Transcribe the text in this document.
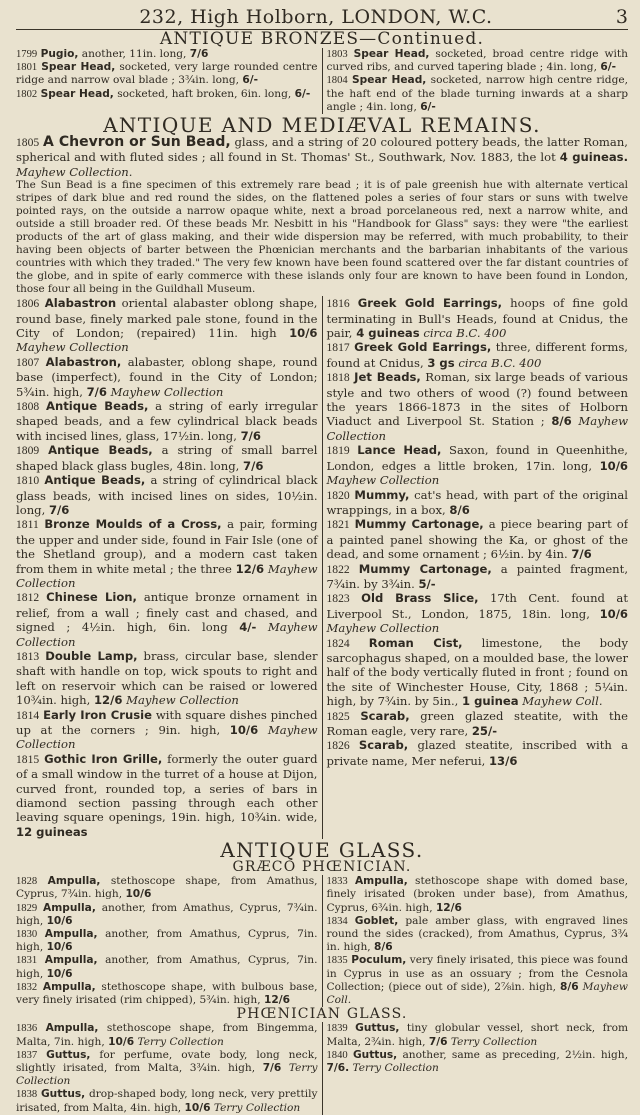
232, High Holborn, LONDON, W.C.	3
ANTIQUE BRONZES—Continued.

1799 Pugio, another, 11in. long, 7/6

1801 Spear Head, socketed, very large rounded centre ridge and narrow oval blade ; 3¾in. long, 6/-

1802 Spear Head, socketed, haft broken, 6in. long, 6/-

1803 Spear Head, socketed, broad centre ridge with curved ribs, and curved tapering blade ; 4in. long, 6/-

1804 Spear Head, socketed, narrow high centre ridge, the haft end of the blade turning inwards at a sharp angle ; 4in. long, 6/-

ANTIQUE AND MEDIÆVAL REMAINS.

1805 A Chevron or Sun Bead, glass, and a string of 20 coloured pottery beads, the latter Roman, spherical and with fluted sides ; all found in St. Thomas' St., Southwark, Nov. 1883, the lot 4 guineas. Mayhew Collection.

The Sun Bead is a fine specimen of this extremely rare bead ; it is of pale greenish hue with alternate vertical stripes of dark blue and red round the sides, on the flattened poles a series of four stars or suns with twelve pointed rays, on the outside a narrow opaque white, next a broad porcelaneous red, next a narrow white, and outside a still broader red. Of these beads Mr. Nesbitt in his "Handbook for Glass" says: they were "the earliest products of the art of glass making, and their wide dispersion may be referred, with much probability, to their having been objects of barter between the Phœnician merchants and the barbarian inhabitants of the various countries with which they traded." The very few known have been found scattered over the far distant countries of the globe, and in spite of early commerce with these islands only four are known to have been found in London, those four all being in the Guildhall Museum.

1806 Alabastron oriental alabaster oblong shape, round base, finely marked pale stone, found in the City of London; (repaired) 11in. high 10/6 Mayhew Collection

1807 Alabastron, alabaster, oblong shape, round base (imperfect), found in the City of London; 5¾in. high, 7/6 Mayhew Collection

1808 Antique Beads, a string of early irregular shaped beads, and a few cylindrical black beads with incised lines, glass, 17½in. long, 7/6

1809 Antique Beads, a string of small barrel shaped black glass bugles, 48in. long, 7/6

1810 Antique Beads, a string of cylindrical black glass beads, with incised lines on sides, 10½in. long, 7/6

1811 Bronze Moulds of a Cross, a pair, forming the upper and under side, found in Fair Isle (one of the Shetland group), and a modern cast taken from them in white metal ; the three 12/6 Mayhew Collection

1812 Chinese Lion, antique bronze ornament in relief, from a wall ; finely cast and chased, and signed ; 4½in. high, 6in. long 4/- Mayhew Collection

1813 Double Lamp, brass, circular base, slender shaft with handle on top, wick spouts to right and left on reservoir which can be raised or lowered 10¾in. high, 12/6 Mayhew Collection

1814 Early Iron Crusie with square dishes pinched up at the corners ; 9in. high, 10/6 Mayhew Collection

1815 Gothic Iron Grille, formerly the outer guard of a small window in the turret of a house at Dijon, curved front, rounded top, a series of bars in diamond section passing through each other leaving square openings, 19in. high, 10¾in. wide, 12 guineas

1816 Greek Gold Earrings, hoops of fine gold terminating in Bull's Heads, found at Cnidus, the pair, 4 guineas circa B.C. 400

1817 Greek Gold Earrings, three, different forms, found at Cnidus, 3 gs circa B.C. 400

1818 Jet Beads, Roman, six large beads of various style and two others of wood (?) found between the years 1866-1873 in the sites of Holborn Viaduct and Liverpool St. Station ; 8/6 Mayhew Collection

1819 Lance Head, Saxon, found in Queenhithe, London, edges a little broken, 17in. long, 10/6 Mayhew Collection

1820 Mummy, cat's head, with part of the original wrappings, in a box, 8/6

1821 Mummy Cartonage, a piece bearing part of a painted panel showing the Ka, or ghost of the dead, and some ornament ; 6½in. by 4in. 7/6

1822 Mummy Cartonage, a painted fragment, 7¾in. by 3¾in. 5/-

1823 Old Brass Slice, 17th Cent. found at Liverpool St., London, 1875, 18in. long, 10/6 Mayhew Collection

1824 Roman Cist, limestone, the body sarcophagus shaped, on a moulded base, the lower half of the body vertically fluted in front ; found on the site of Winchester House, City, 1868 ; 5¼in. high, by 7¾in. by 5in., 1 guinea Mayhew Coll.

1825 Scarab, green glazed steatite, with the Roman eagle, very rare, 25/-

1826 Scarab, glazed steatite, inscribed with a private name, Mer neferui, 13/6

ANTIQUE GLASS.
GRÆCO PHŒNICIAN.

1828 Ampulla, stethoscope shape, from Amathus, Cyprus, 7¾in. high, 10/6

1829 Ampulla, another, from Amathus, Cyprus, 7¾in. high, 10/6

1830 Ampulla, another, from Amathus, Cyprus, 7in. high, 10/6

1831 Ampulla, another, from Amathus, Cyprus, 7in. high, 10/6

1832 Ampulla, stethoscope shape, with bulbous base, very finely irisated (rim chipped), 5¾in. high, 12/6

1833 Ampulla, stethoscope shape with domed base, finely irisated (broken under base), from Amathus, Cyprus, 6¾in. high, 12/6

1834 Goblet, pale amber glass, with engraved lines round the sides (cracked), from Amathus, Cyprus, 3¾ in. high, 8/6

1835 Poculum, very finely irisated, this piece was found in Cyprus in use as an ossuary ; from the Cesnola Collection; (piece out of side), 2⅞in. high, 8/6 Mayhew Coll.

PHŒNICIAN GLASS.

1836 Ampulla, stethoscope shape, from Bingemma, Malta, 7in. high, 10/6 Terry Collection

1837 Guttus, for perfume, ovate body, long neck, slightly irisated, from Malta, 3¾in. high, 7/6 Terry Collection

1838 Guttus, drop-shaped body, long neck, very prettily irisated, from Malta, 4in. high, 10/6 Terry Collection

1839 Guttus, tiny globular vessel, short neck, from Malta, 2¾in. high, 7/6 Terry Collection

1840 Guttus, another, same as preceding, 2½in. high, 7/6. Terry Collection
